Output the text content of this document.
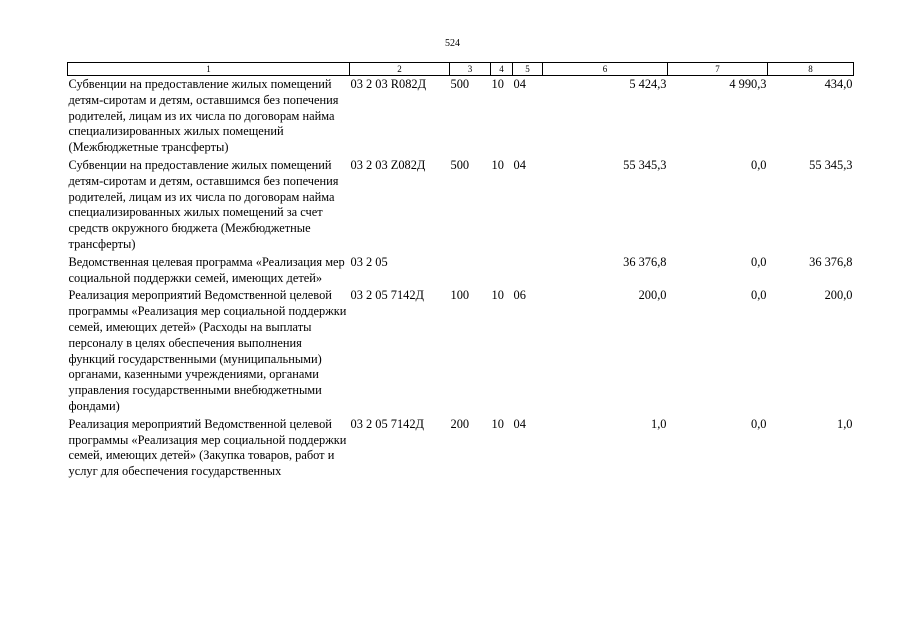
524
1	2	3	4	5	6	7	8
Субвенции на предоставление жилых помещений детям-сиротам и детям, оставшимся без попечения родителей, лицам из их числа по договорам найма специализированных жилых помещений (Межбюджетные трансферты)	03 2 03 R082Д	500	10	04	5 424,3	4 990,3	434,0
Субвенции на предоставление жилых помещений детям-сиротам и детям, оставшимся без попечения родителей, лицам из их числа по договорам найма специализированных жилых помещений за счет средств окружного бюджета (Межбюджетные трансферты)	03 2 03 Z082Д	500	10	04	55 345,3	0,0	55 345,3
Ведомственная целевая программа «Реализация мер социальной поддержки семей, имеющих детей»	03 2 05				36 376,8	0,0	36 376,8
Реализация мероприятий Ведомственной целевой программы «Реализация мер социальной поддержки семей, имеющих детей» (Расходы на выплаты персоналу в целях обеспечения выполнения функций государственными (муниципальными) органами, казенными учреждениями, органами управления государственными внебюджетными фондами)	03 2 05 7142Д	100	10	06	200,0	0,0	200,0
Реализация мероприятий Ведомственной целевой программы «Реализация мер социальной поддержки семей, имеющих детей» (Закупка товаров, работ и услуг для обеспечения государственных	03 2 05 7142Д	200	10	04	1,0	0,0	1,0
